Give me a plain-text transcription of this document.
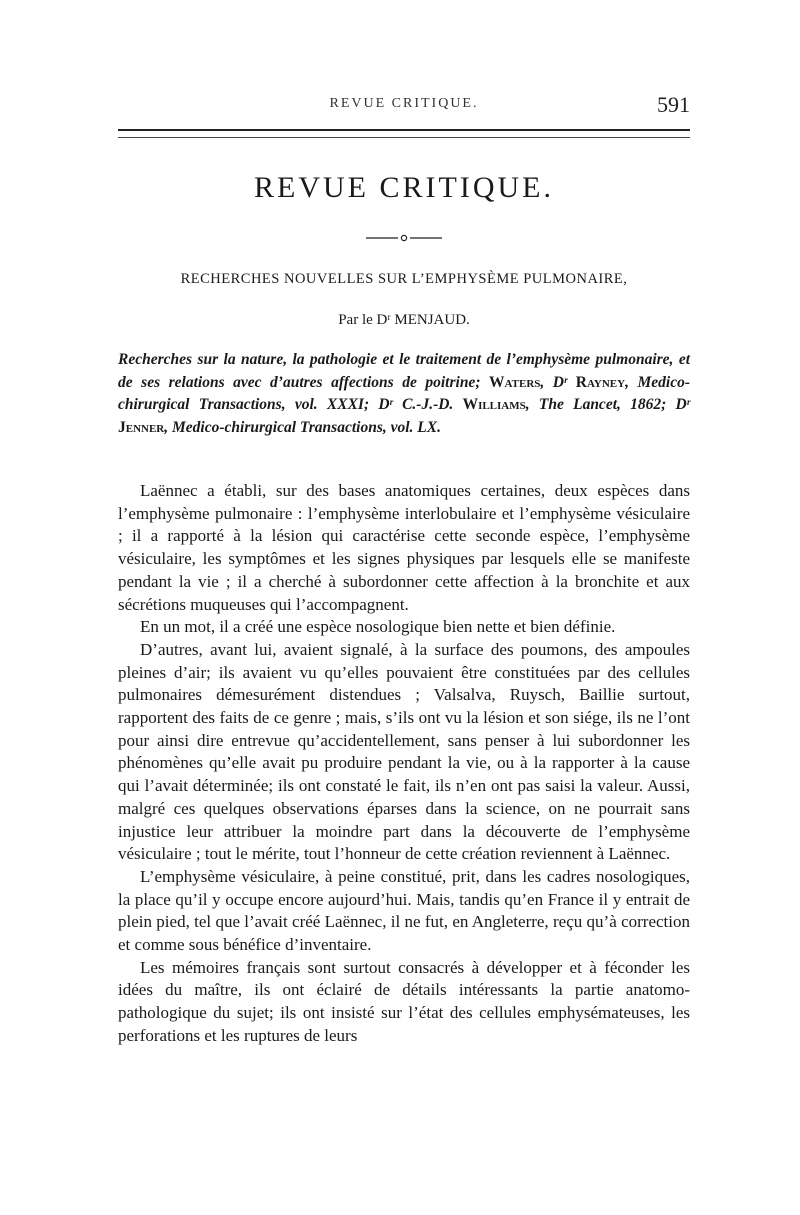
REVUE CRITIQUE.	591
REVUE CRITIQUE.
RECHERCHES NOUVELLES SUR L’EMPHYSÈME PULMONAIRE,
Par le Dʳ MENJAUD.
Recherches sur la nature, la pathologie et le traitement de l’emphysème pulmonaire, et de ses relations avec d’autres affections de poitrine; Waters, Dʳ Rayney, Medico-chirurgical Transactions, vol. XXXI; Dʳ C.-J.-D. Williams, The Lancet, 1862; Dʳ Jenner, Medico-chirurgical Transactions, vol. LX.

Laënnec a établi, sur des bases anatomiques certaines, deux espèces dans l’emphysème pulmonaire : l’emphysème interlobulaire et l’emphysème vésiculaire ; il a rapporté à la lésion qui caractérise cette seconde espèce, l’emphysème vésiculaire, les symptômes et les signes physiques par lesquels elle se manifeste pendant la vie ; il a cherché à subordonner cette affection à la bronchite et aux sécrétions muqueuses qui l’accompagnent.

En un mot, il a créé une espèce nosologique bien nette et bien définie.

D’autres, avant lui, avaient signalé, à la surface des poumons, des ampoules pleines d’air; ils avaient vu qu’elles pouvaient être constituées par des cellules pulmonaires démesurément distendues ; Valsalva, Ruysch, Baillie surtout, rapportent des faits de ce genre ; mais, s’ils ont vu la lésion et son siége, ils ne l’ont pour ainsi dire entrevue qu’accidentellement, sans penser à lui subordonner les phénomènes qu’elle avait pu produire pendant la vie, ou à la rapporter à la cause qui l’avait déterminée; ils ont constaté le fait, ils n’en ont pas saisi la valeur. Aussi, malgré ces quelques observations éparses dans la science, on ne pourrait sans injustice leur attribuer la moindre part dans la découverte de l’emphysème vésiculaire ; tout le mérite, tout l’honneur de cette création reviennent à Laënnec.

L’emphysème vésiculaire, à peine constitué, prit, dans les cadres nosologiques, la place qu’il y occupe encore aujourd’hui. Mais, tandis qu’en France il y entrait de plein pied, tel que l’avait créé Laënnec, il ne fut, en Angleterre, reçu qu’à correction et comme sous bénéfice d’inventaire.

Les mémoires français sont surtout consacrés à développer et à féconder les idées du maître, ils ont éclairé de détails intéressants la partie anatomo-pathologique du sujet; ils ont insisté sur l’état des cellules emphysémateuses, les perforations et les ruptures de leurs
